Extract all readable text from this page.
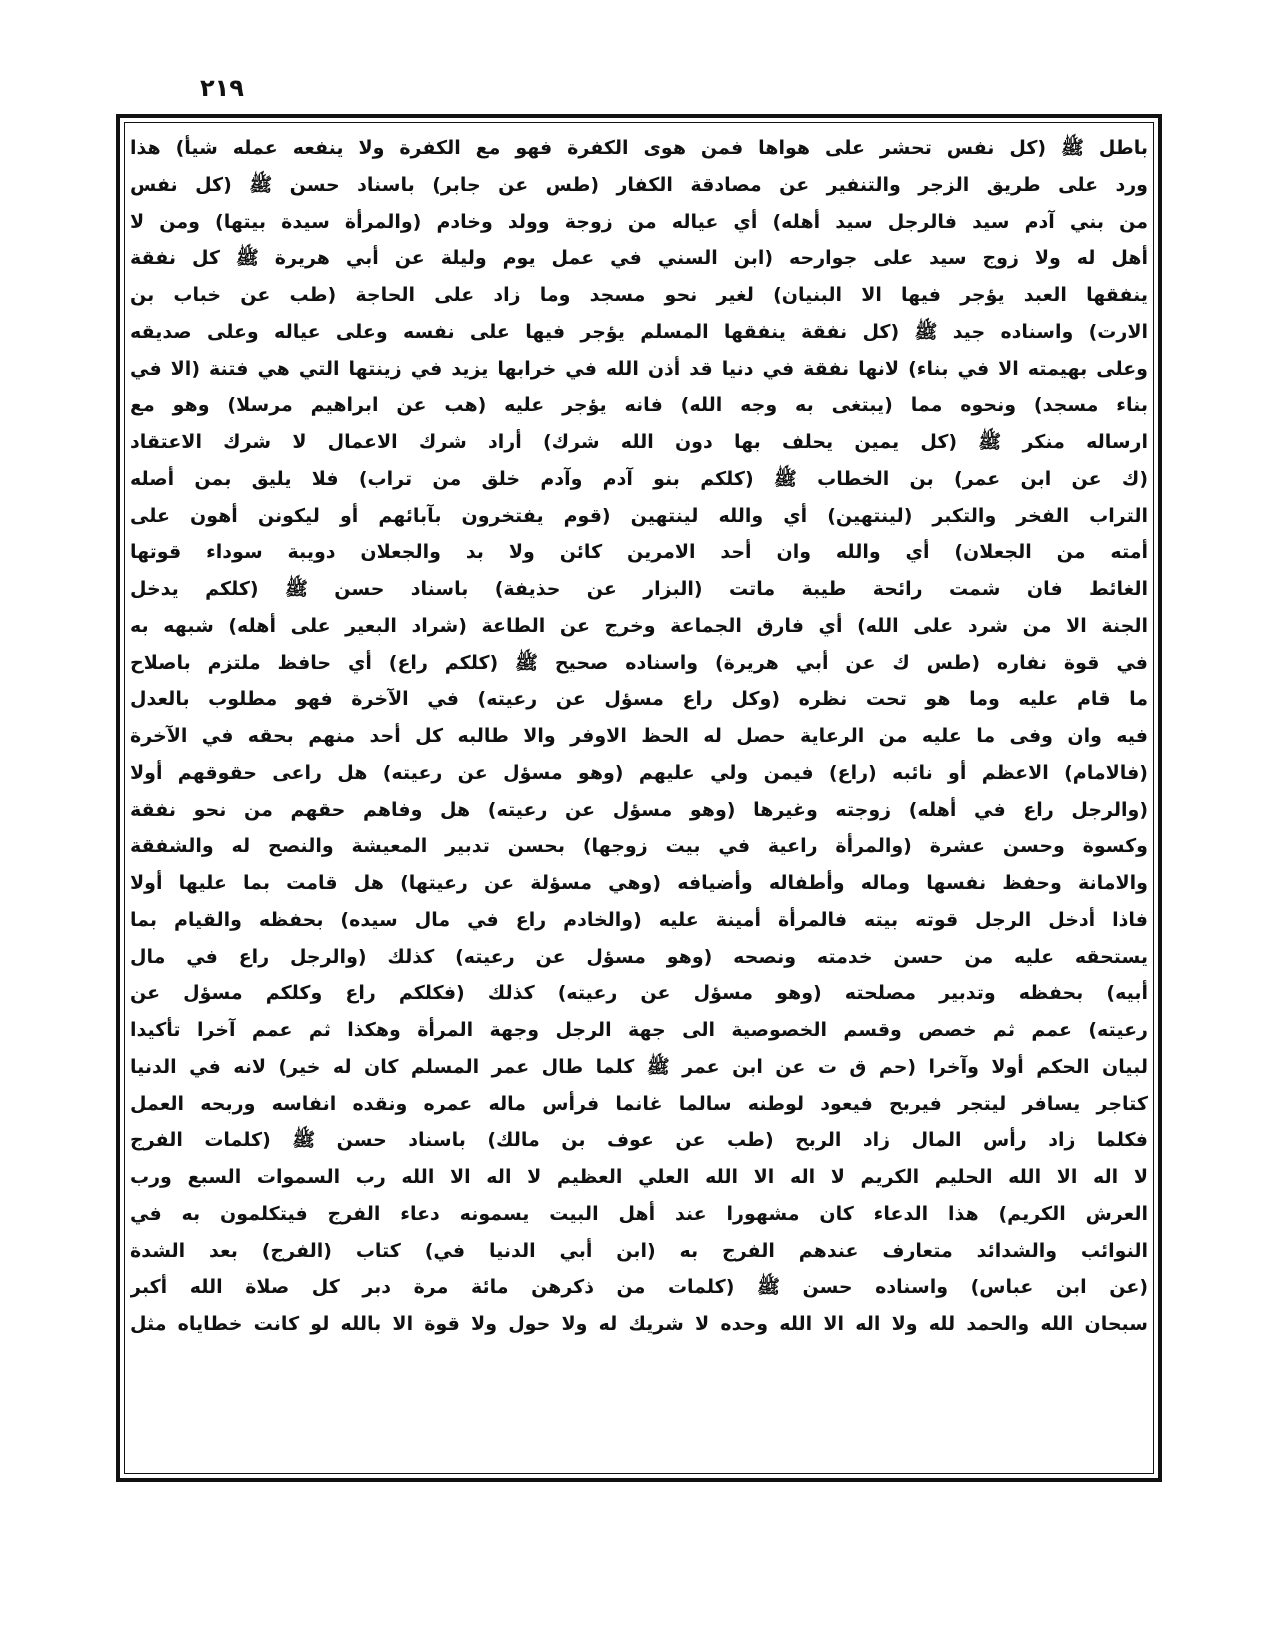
٢١٩
باطل ﷺ (كل نفس تحشر على هواها فمن هوى الكفرة فهو مع الكفرة ولا ينفعه عمله شيأ) هذا
ورد على طريق الزجر والتنفير عن مصادقة الكفار (طس عن جابر) باسناد حسن ﷺ (كل نفس
من بني آدم سيد فالرجل سيد أهله) أي عياله من زوجة وولد وخادم (والمرأة سيدة بيتها) ومن لا
أهل له ولا زوج سيد على جوارحه (ابن السني في عمل يوم وليلة عن أبي هريرة ﷺ كل نفقة
ينفقها العبد يؤجر فيها الا البنيان) لغير نحو مسجد وما زاد على الحاجة (طب عن خباب بن
الارت) واسناده جيد ﷺ (كل نفقة ينفقها المسلم يؤجر فيها على نفسه وعلى عياله وعلى صديقه
وعلى بهيمته الا في بناء) لانها نفقة في دنيا قد أذن الله في خرابها يزيد في زينتها التي هي فتنة (الا في
بناء مسجد) ونحوه مما (يبتغى به وجه الله) فانه يؤجر عليه (هب عن ابراهيم مرسلا) وهو مع
ارساله منكر ﷺ (كل يمين يحلف بها دون الله شرك) أراد شرك الاعمال لا شرك الاعتقاد
(ك عن ابن عمر) بن الخطاب ﷺ (كلكم بنو آدم وآدم خلق من تراب) فلا يليق بمن أصله
التراب الفخر والتكبر (لينتهين) أي والله لينتهين (قوم يفتخرون بآبائهم أو ليكونن أهون على
أمته من الجعلان) أي والله وان أحد الامرين كائن ولا بد والجعلان دويبة سوداء قوتها
الغائط فان شمت رائحة طيبة ماتت (البزار عن حذيفة) باسناد حسن ﷺ (كلكم يدخل
الجنة الا من شرد على الله) أي فارق الجماعة وخرج عن الطاعة (شراد البعير على أهله) شبهه به
في قوة نفاره (طس ك عن أبي هريرة) واسناده صحيح ﷺ (كلكم راع) أي حافظ ملتزم باصلاح
ما قام عليه وما هو تحت نظره (وكل راع مسؤل عن رعيته) في الآخرة فهو مطلوب بالعدل
فيه وان وفى ما عليه من الرعاية حصل له الحظ الاوفر والا طالبه كل أحد منهم بحقه في الآخرة
(فالامام) الاعظم أو نائبه (راع) فيمن ولي عليهم (وهو مسؤل عن رعيته) هل راعى حقوقهم أولا
(والرجل راع في أهله) زوجته وغيرها (وهو مسؤل عن رعيته) هل وفاهم حقهم من نحو نفقة
وكسوة وحسن عشرة (والمرأة راعية في بيت زوجها) بحسن تدبير المعيشة والنصح له والشفقة
والامانة وحفظ نفسها وماله وأطفاله وأضيافه (وهي مسؤلة عن رعيتها) هل قامت بما عليها أولا
فاذا أدخل الرجل قوته بيته فالمرأة أمينة عليه (والخادم راع في مال سيده) بحفظه والقيام بما
يستحقه عليه من حسن خدمته ونصحه (وهو مسؤل عن رعيته) كذلك (والرجل راع في مال
أبيه) بحفظه وتدبير مصلحته (وهو مسؤل عن رعيته) كذلك (فكلكم راع وكلكم مسؤل عن
رعيته) عمم ثم خصص وقسم الخصوصية الى جهة الرجل وجهة المرأة وهكذا ثم عمم آخرا تأكيدا
لبيان الحكم أولا وآخرا (حم ق ت عن ابن عمر ﷺ كلما طال عمر المسلم كان له خير) لانه في الدنيا
كتاجر يسافر ليتجر فيربح فيعود لوطنه سالما غانما فرأس ماله عمره ونقده انفاسه وربحه العمل
فكلما زاد رأس المال زاد الربح (طب عن عوف بن مالك) باسناد حسن ﷺ (كلمات الفرج
لا اله الا الله الحليم الكريم لا اله الا الله العلي العظيم لا اله الا الله رب السموات السبع ورب
العرش الكريم) هذا الدعاء كان مشهورا عند أهل البيت يسمونه دعاء الفرج فيتكلمون به في
النوائب والشدائد متعارف عندهم الفرج به (ابن أبي الدنيا في) كتاب (الفرج) بعد الشدة
(عن ابن عباس) واسناده حسن ﷺ (كلمات من ذكرهن مائة مرة دبر كل صلاة الله أكبر
سبحان الله والحمد لله ولا اله الا الله وحده لا شريك له ولا حول ولا قوة الا بالله لو كانت خطاياه مثل
